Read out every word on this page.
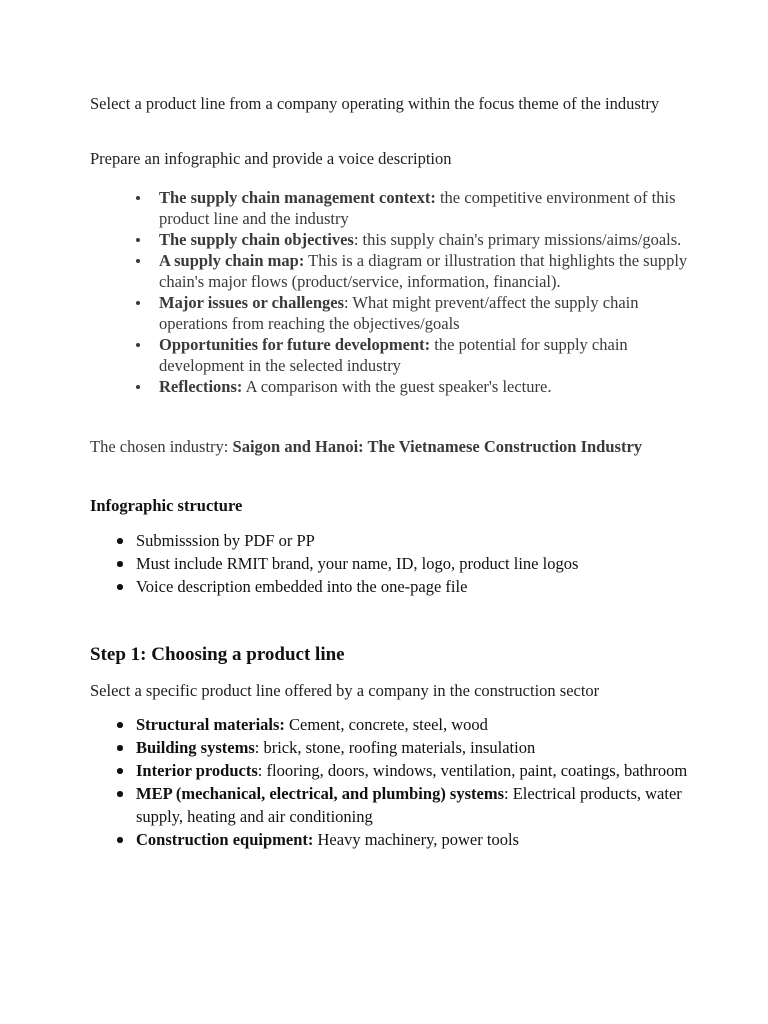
Select a product line from a company operating within the focus theme of the industry

Prepare an infographic and provide a voice description

The supply chain management context: the competitive environment of this product line and the industry
The supply chain objectives: this supply chain's primary missions/aims/goals.
A supply chain map: This is a diagram or illustration that highlights the supply chain's major flows (product/service, information, financial).
Major issues or challenges: What might prevent/affect the supply chain operations from reaching the objectives/goals
Opportunities for future development: the potential for supply chain development in the selected industry
Reflections: A comparison with the guest speaker's lecture.

The chosen industry: Saigon and Hanoi: The Vietnamese Construction Industry

Infographic structure

Submisssion by PDF or PP
Must include RMIT brand, your name, ID, logo, product line logos
Voice description embedded into the one-page file

Step 1: Choosing a product line

Select a specific product line offered by a company in the construction sector

Structural materials: Cement, concrete, steel, wood
Building systems: brick, stone, roofing materials, insulation
Interior products: flooring, doors, windows, ventilation, paint, coatings, bathroom
MEP (mechanical, electrical, and plumbing) systems: Electrical products, water supply, heating and air conditioning
Construction equipment: Heavy machinery, power tools
